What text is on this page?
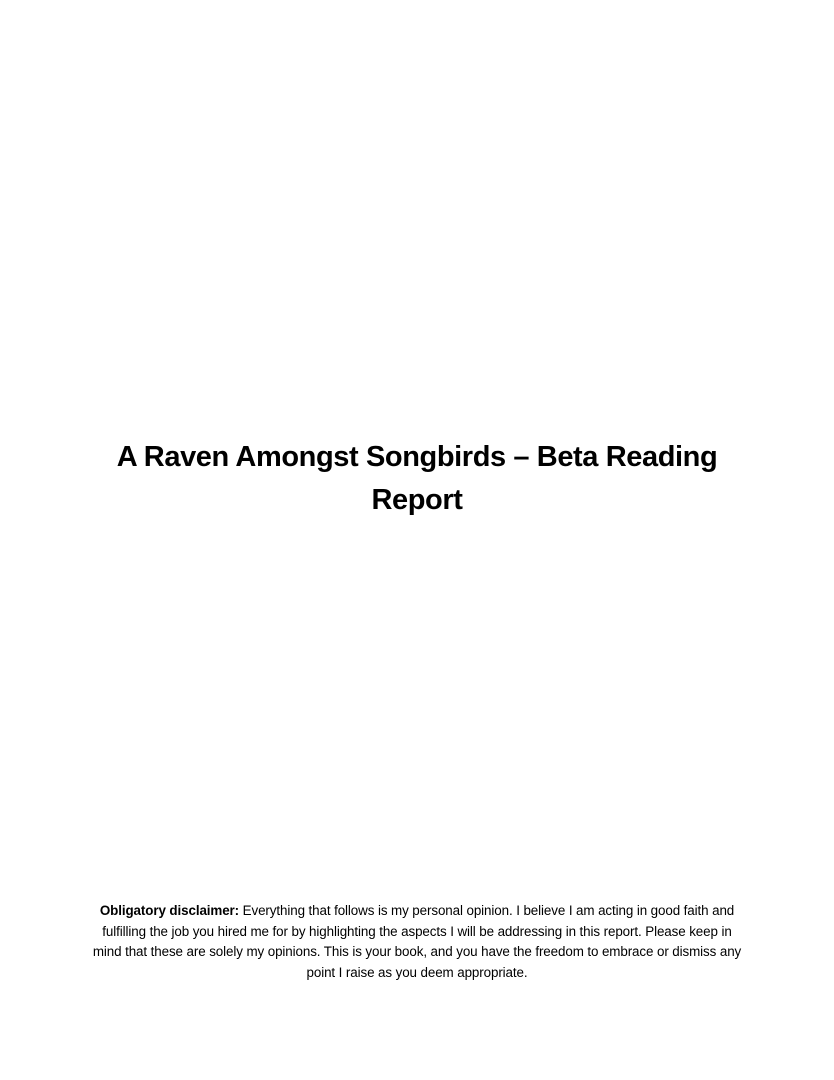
A Raven Amongst Songbirds – Beta Reading Report

Obligatory disclaimer: Everything that follows is my personal opinion. I believe I am acting in good faith and fulfilling the job you hired me for by highlighting the aspects I will be addressing in this report. Please keep in mind that these are solely my opinions. This is your book, and you have the freedom to embrace or dismiss any point I raise as you deem appropriate.
